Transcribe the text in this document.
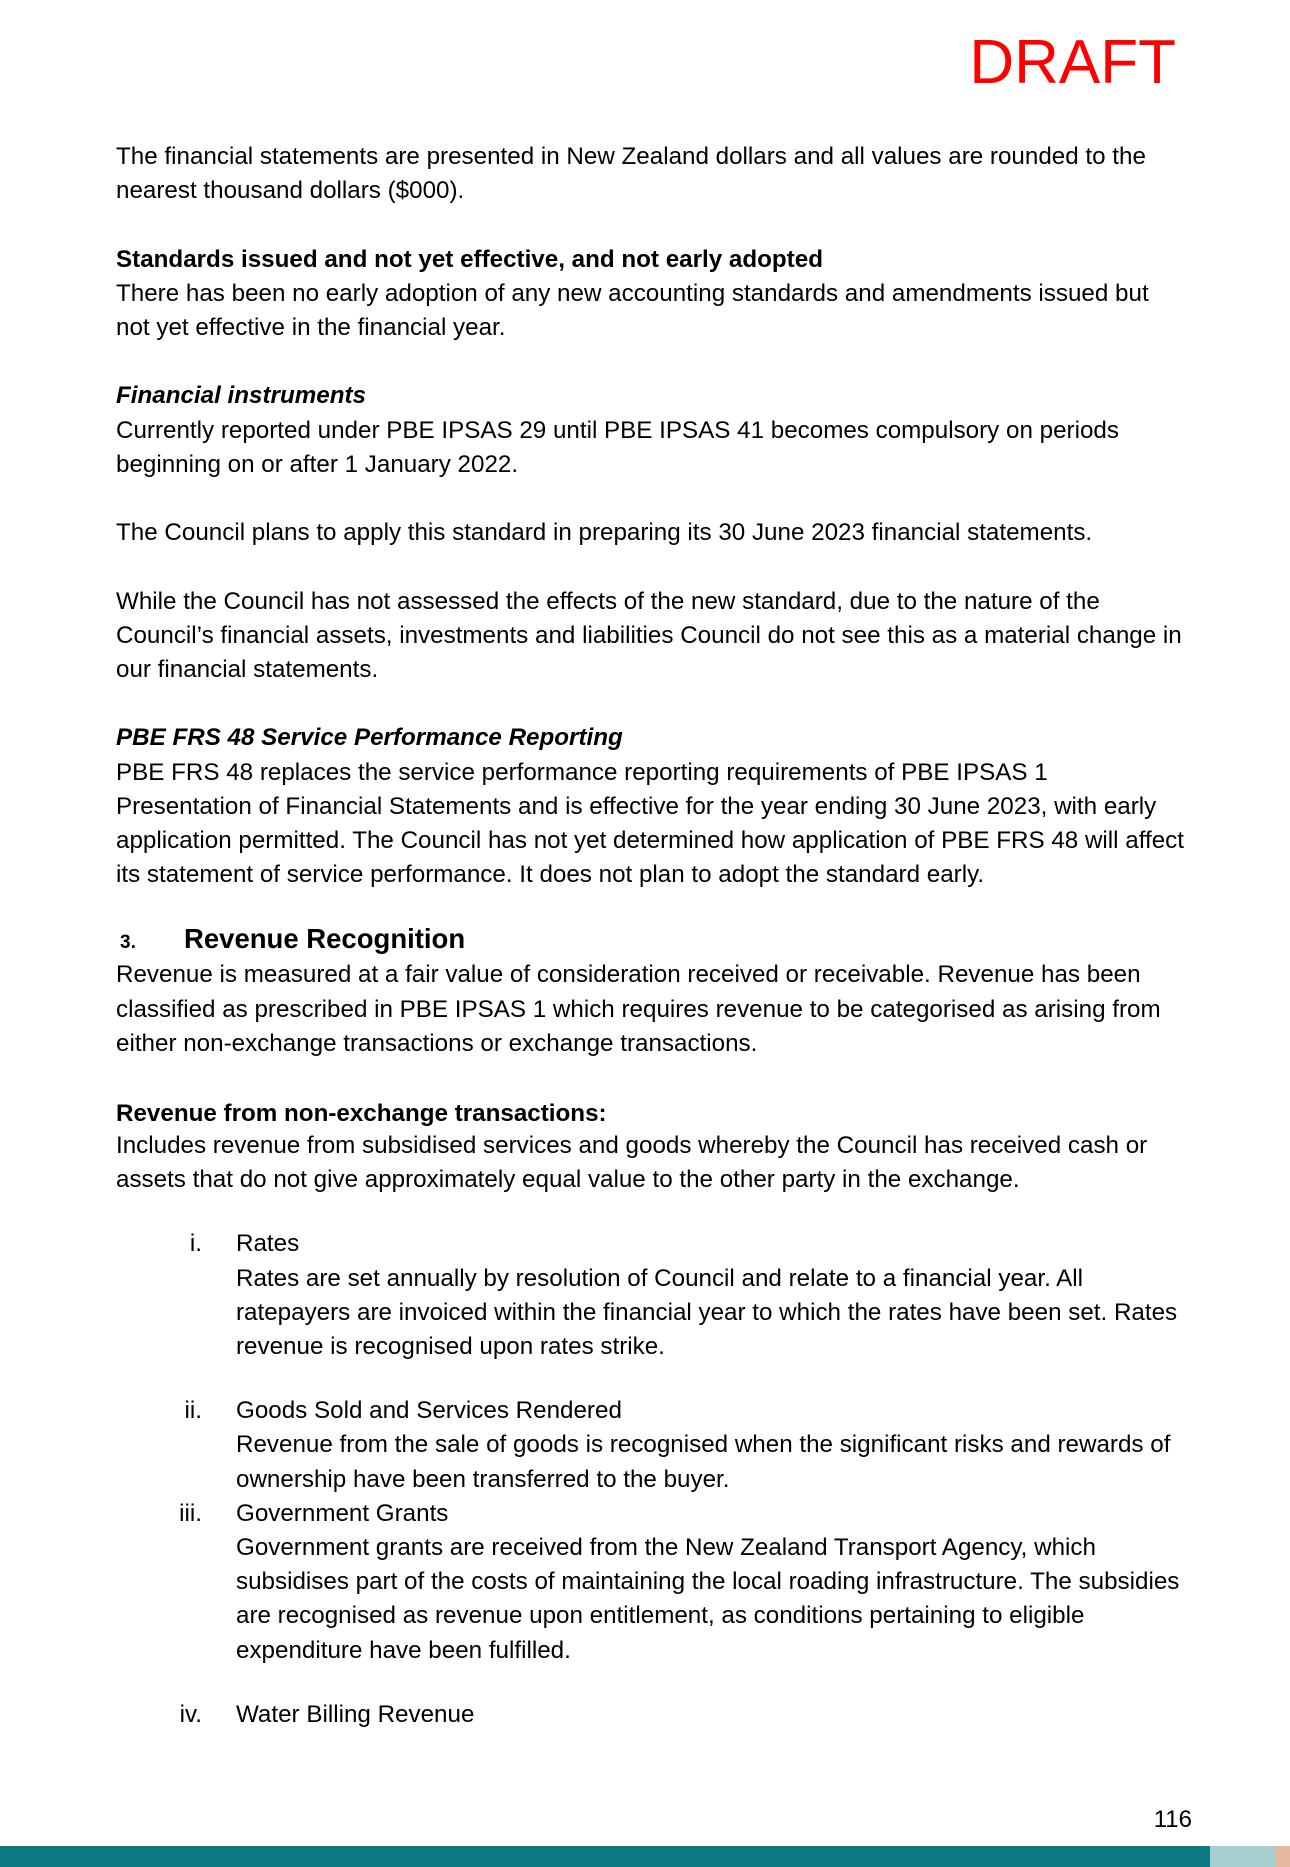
DRAFT

The financial statements are presented in New Zealand dollars and all values are rounded to the nearest thousand dollars ($000).

Standards issued and not yet effective, and not early adopted

There has been no early adoption of any new accounting standards and amendments issued but not yet effective in the financial year.

Financial instruments

Currently reported under PBE IPSAS 29 until PBE IPSAS 41 becomes compulsory on periods beginning on or after 1 January 2022.

The Council plans to apply this standard in preparing its 30 June 2023 financial statements.

While the Council has not assessed the effects of the new standard, due to the nature of the Council’s financial assets, investments and liabilities Council do not see this as a material change in our financial statements.

PBE FRS 48 Service Performance Reporting

PBE FRS 48 replaces the service performance reporting requirements of PBE IPSAS 1 Presentation of Financial Statements and is effective for the year ending 30 June 2023, with early application permitted. The Council has not yet determined how application of PBE FRS 48 will affect its statement of service performance. It does not plan to adopt the standard early.

3.	Revenue Recognition

Revenue is measured at a fair value of consideration received or receivable. Revenue has been classified as prescribed in PBE IPSAS 1 which requires revenue to be categorised as arising from either non-exchange transactions or exchange transactions.

Revenue from non-exchange transactions:

Includes revenue from subsidised services and goods whereby the Council has received cash or assets that do not give approximately equal value to the other party in the exchange.

i.	Rates

Rates are set annually by resolution of Council and relate to a financial year. All ratepayers are invoiced within the financial year to which the rates have been set. Rates revenue is recognised upon rates strike.

ii.	Goods Sold and Services Rendered

Revenue from the sale of goods is recognised when the significant risks and rewards of ownership have been transferred to the buyer.

iii.	Government Grants

Government grants are received from the New Zealand Transport Agency, which subsidises part of the costs of maintaining the local roading infrastructure. The subsidies are recognised as revenue upon entitlement, as conditions pertaining to eligible expenditure have been fulfilled.

iv.	Water Billing Revenue

116
